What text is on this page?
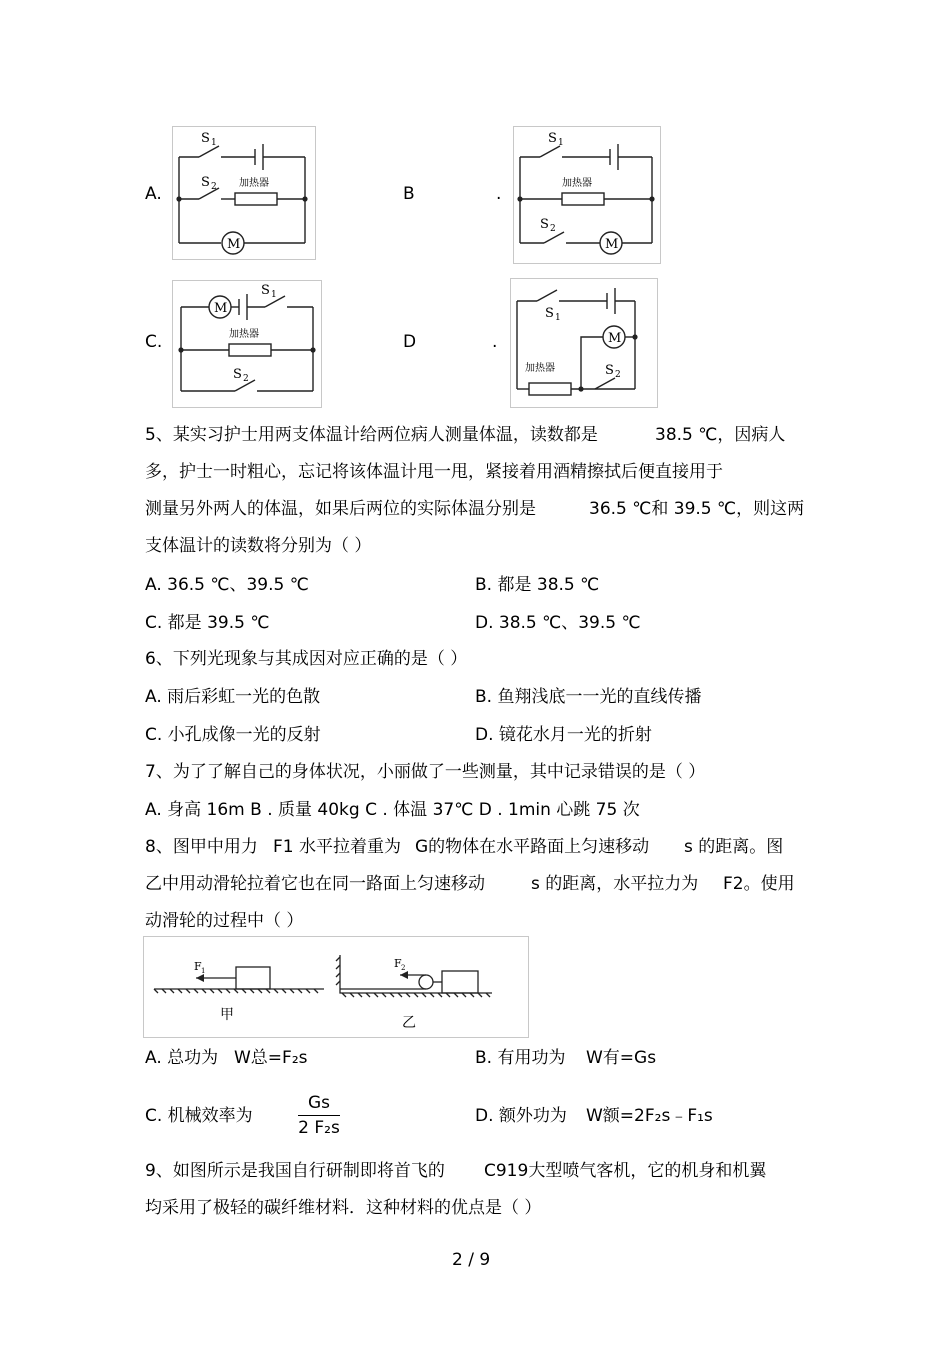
A.
S 1
S 2 加热器
M
B	.
S 1
加热器
S 2
M
C.
M
S 1
加热器
S 2
D	.
S 1
M
加热器	S 2
5、某实习护士用两支体温计给两位病人测量体温，读数都是	38.5 ℃，因病人
多，护士一时粗心，忘记将该体温计甩一甩，紧接着用酒精擦拭后便直接用于
测量另外两人的体温，如果后两位的实际体温分别是	36.5 ℃和 39.5 ℃，则这两
支体温计的读数将分别为（ ）
A. 36.5 ℃、39.5 ℃	B. 都是 38.5 ℃
C. 都是 39.5 ℃	D. 38.5 ℃、39.5 ℃
6、下列光现象与其成因对应正确的是（ ）
A. 雨后彩虹一光的色散	B. 鱼翔浅底一一光的直线传播
C. 小孔成像一光的反射	D. 镜花水月一光的折射
7、为了了解自己的身体状况，小丽做了一些测量，其中记录错误的是（ ）
A. 身高 16m B . 质量 40kg C . 体温 37℃ D . 1min 心跳 75 次
8、图甲中用力 F1 水平拉着重为 G的物体在水平路面上匀速移动 s 的距离。图
乙中用动滑轮拉着它也在同一路面上匀速移动	s 的距离，水平拉力为 F2。使用
动滑轮的过程中（ ）
F 1
F 2
甲	乙
A. 总功为 W总=F₂s	B. 有用功为 W有=Gs
C. 机械效率为	$\frac{Gs}{\text{2 F₂s}}$	D. 额外功为 W额=2F₂s﹣F₁s
9、如图所示是我国自行研制即将首飞的 C919大型喷气客机，它的机身和机翼
均采用了极轻的碳纤维材料．这种材料的优点是（ ）
2 / 9
